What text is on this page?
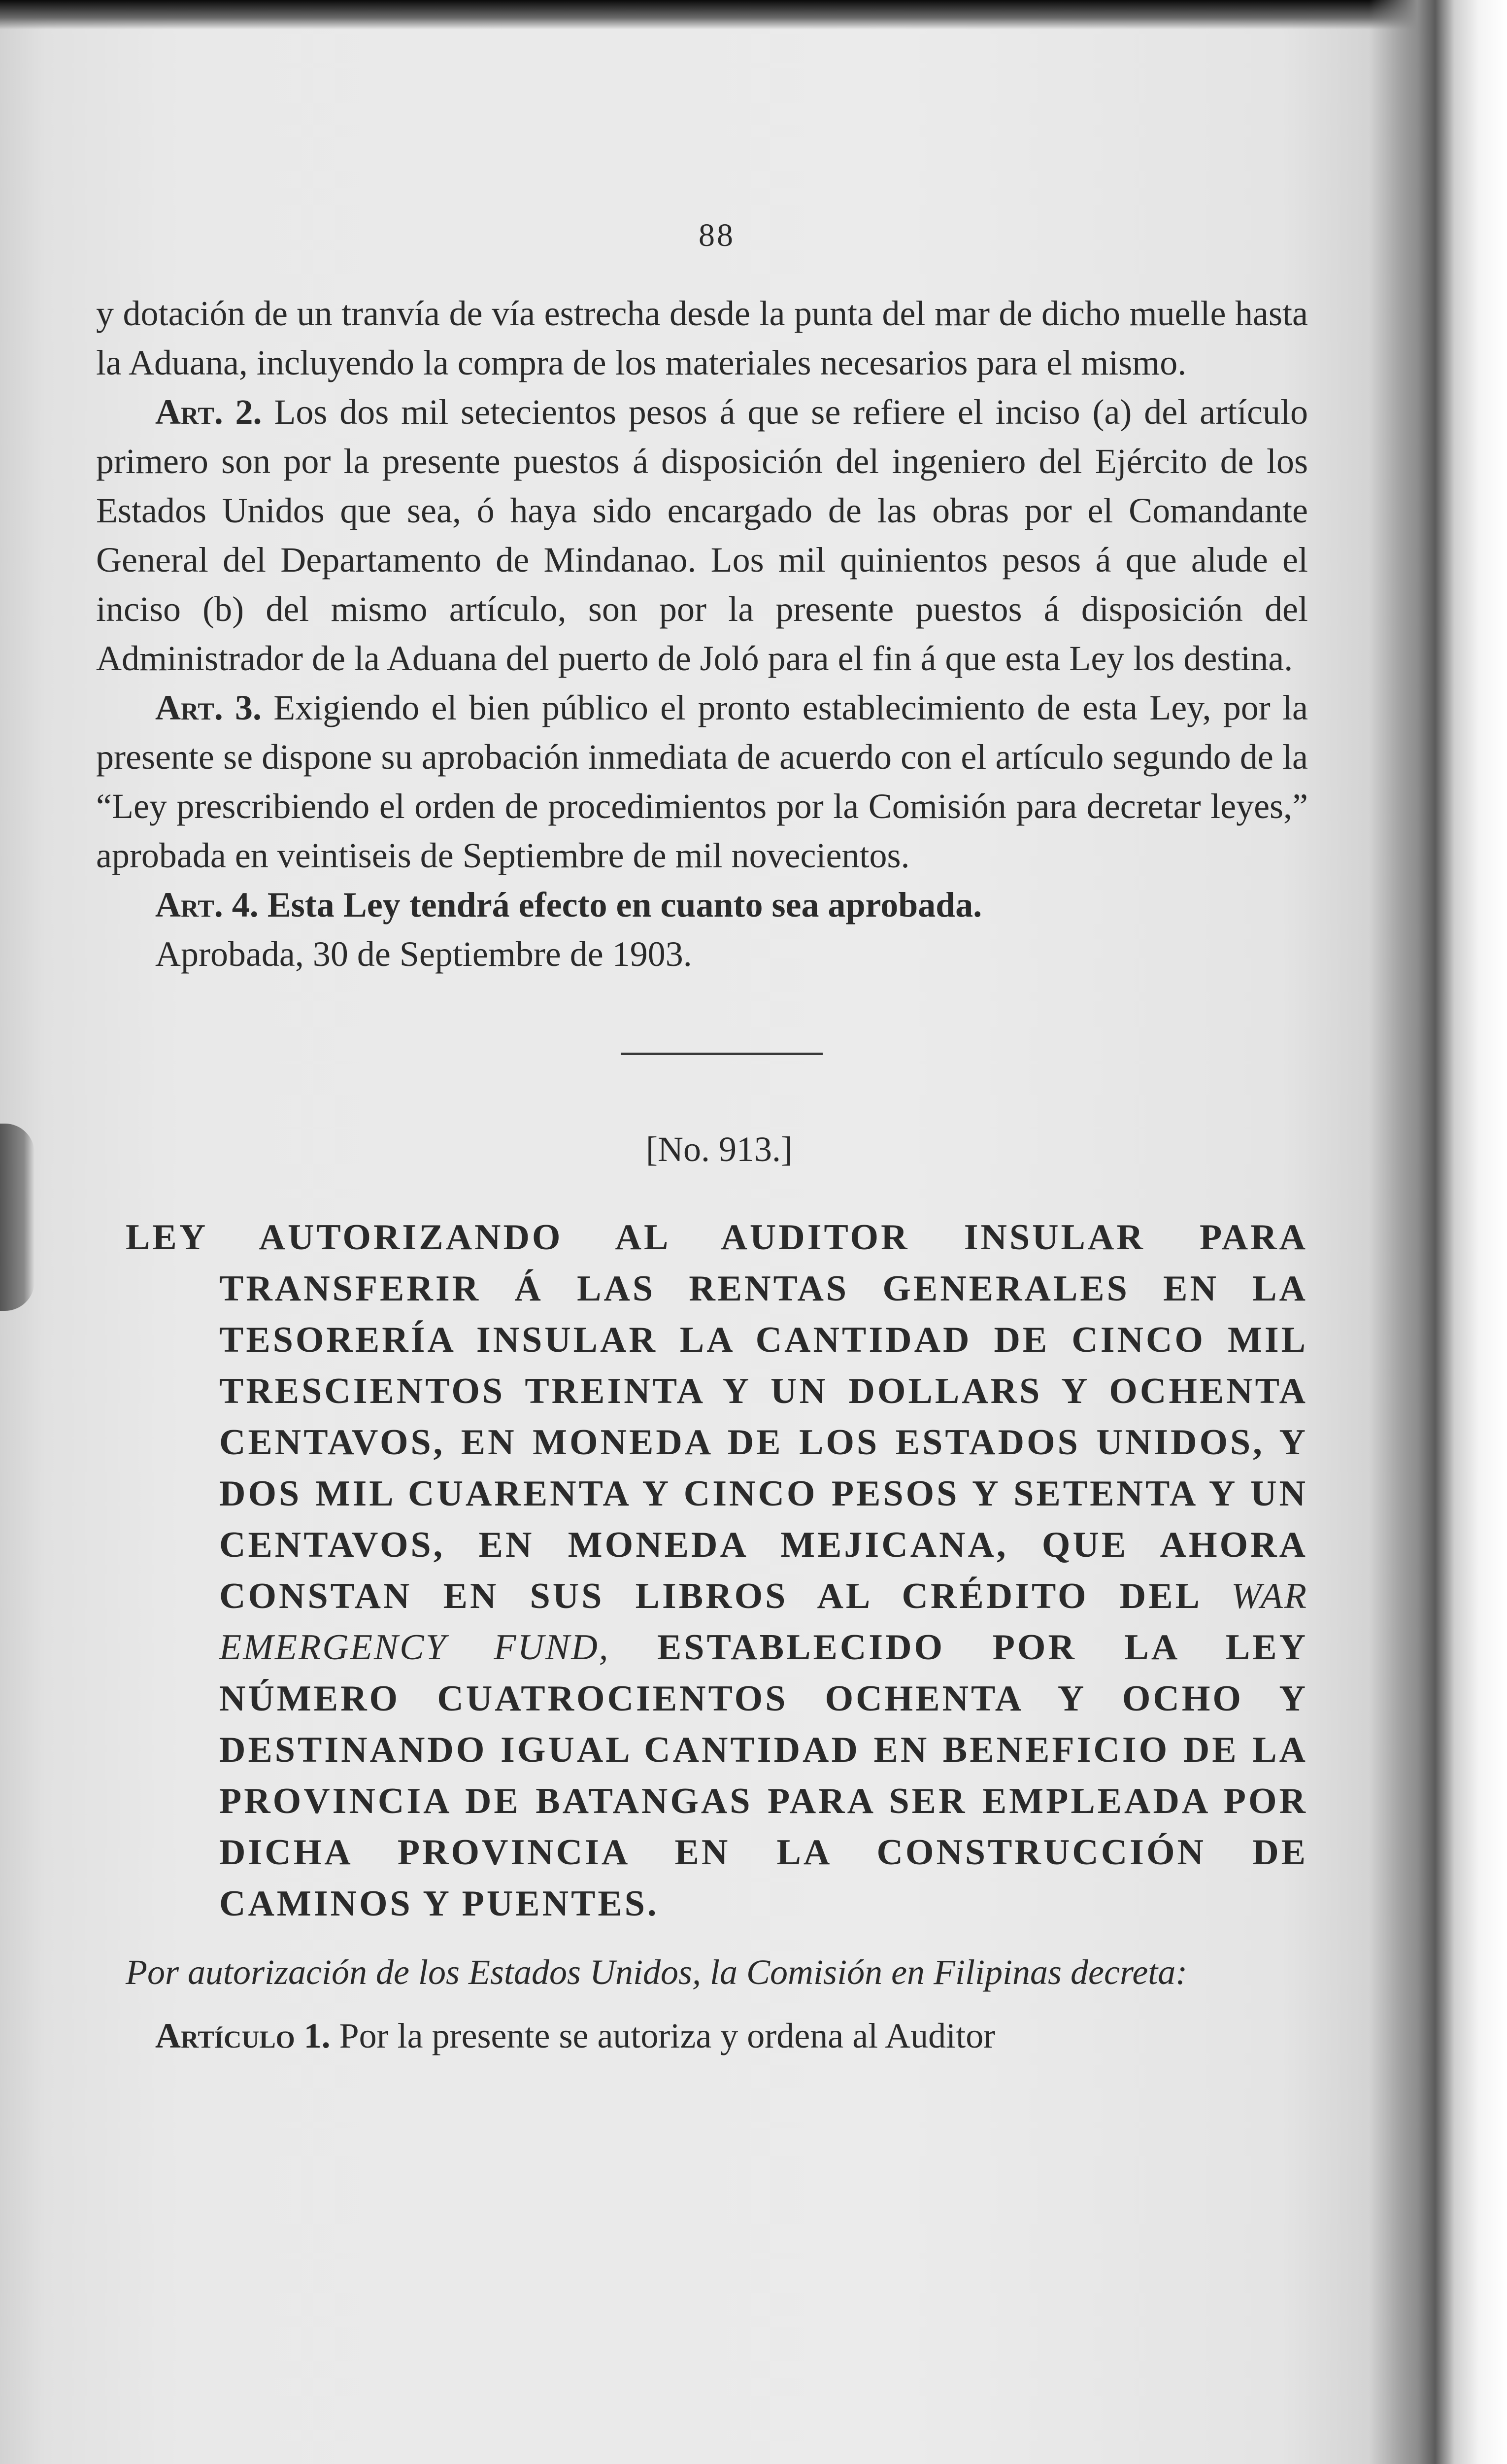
88

y dotación de un tranvía de vía estrecha desde la punta del mar de dicho muelle hasta la Aduana, incluyendo la compra de los materiales necesarios para el mismo.

Art. 2. Los dos mil setecientos pesos á que se refiere el inciso (a) del artículo primero son por la presente puestos á disposición del ingeniero del Ejército de los Estados Unidos que sea, ó haya sido encargado de las obras por el Comandante General del Departamento de Mindanao. Los mil quinientos pesos á que alude el inciso (b) del mismo artículo, son por la presente puestos á disposición del Administrador de la Aduana del puerto de Joló para el fin á que esta Ley los destina.

Art. 3. Exigiendo el bien público el pronto establecimiento de esta Ley, por la presente se dispone su aprobación inmediata de acuerdo con el artículo segundo de la “Ley prescribiendo el orden de procedimientos por la Comisión para decretar leyes,” aprobada en veintiseis de Septiembre de mil novecientos.

Art. 4. Esta Ley tendrá efecto en cuanto sea aprobada.

Aprobada, 30 de Septiembre de 1903.

[No. 913.]

LEY AUTORIZANDO AL AUDITOR INSULAR PARA TRANSFERIR Á LAS RENTAS GENERALES EN LA TESORERÍA INSULAR LA CANTIDAD DE CINCO MIL TRESCIENTOS TREINTA Y UN DOLLARS Y OCHENTA CENTAVOS, EN MONEDA DE LOS ESTADOS UNIDOS, Y DOS MIL CUARENTA Y CINCO PESOS Y SETENTA Y UN CENTAVOS, EN MONEDA MEJICANA, QUE AHORA CONSTAN EN SUS LIBROS AL CRÉDITO DEL WAR EMERGENCY FUND, ESTABLECIDO POR LA LEY NÚMERO CUATROCIENTOS OCHENTA Y OCHO Y DESTINANDO IGUAL CANTIDAD EN BENEFICIO DE LA PROVINCIA DE BATANGAS PARA SER EMPLEADA POR DICHA PROVINCIA EN LA CONSTRUCCIÓN DE CAMINOS Y PUENTES.

Por autorización de los Estados Unidos, la Comisión en Filipinas decreta:

Artículo 1. Por la presente se autoriza y ordena al Auditor
